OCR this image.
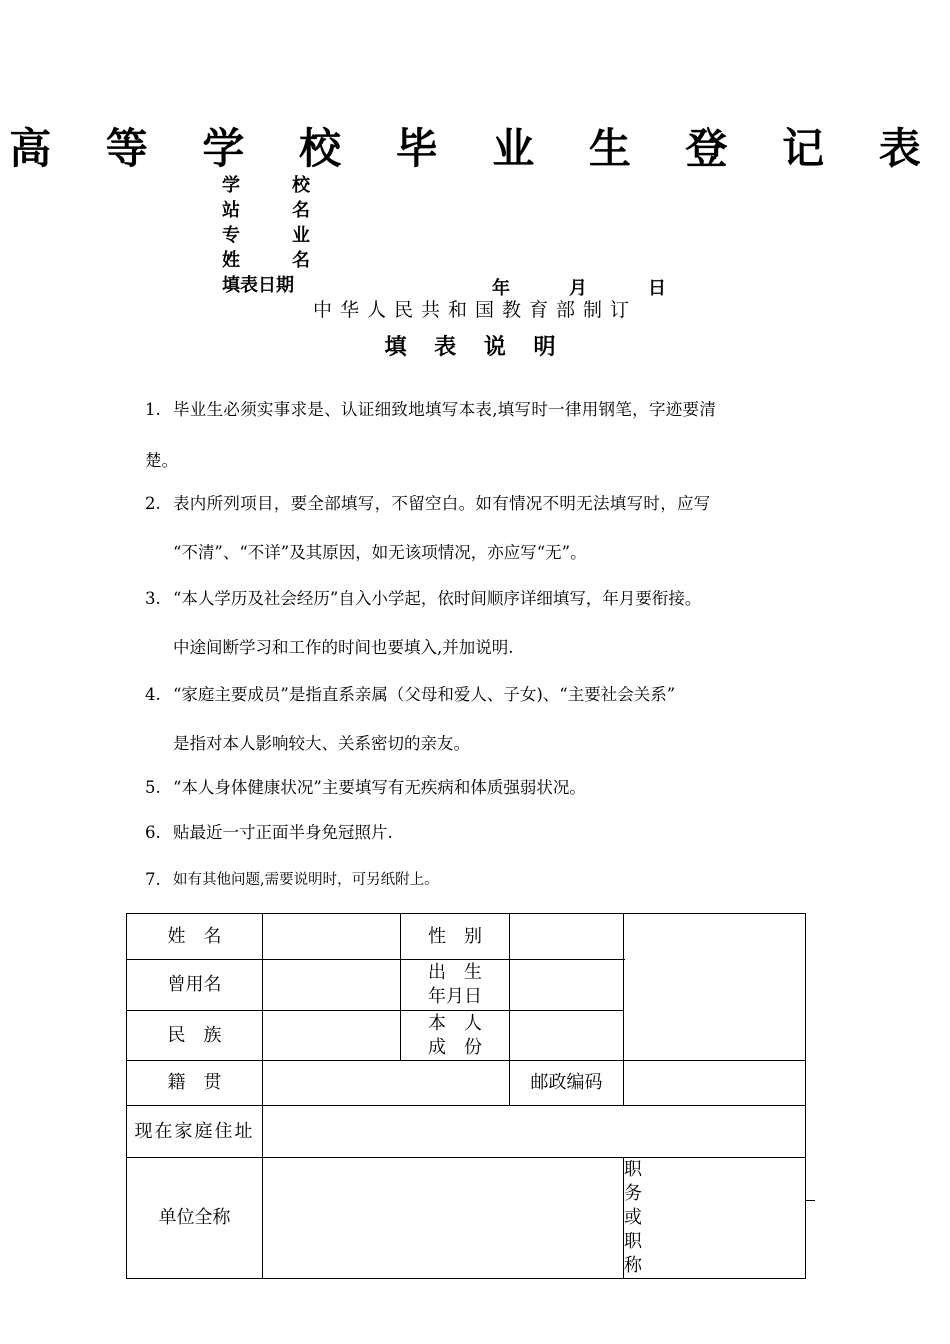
高 等 学 校 毕 业 生 登 记 表
学 校
站 名
专 业
姓 名
填表日期	年	月	日
中华人民共和国教育部制订
填 表 说 明
1. 毕业生必须实事求是、认证细致地填写本表,填写时一律用钢笔，字迹要清
楚。
2. 表内所列项目，要全部填写，不留空白。如有情况不明无法填写时，应写
“不清”、“不详”及其原因，如无该项情况，亦应写“无”。
3. “本人学历及社会经历”自入小学起，依时间顺序详细填写，年月要衔接。
中途间断学习和工作的时间也要填入,并加说明.
4. “家庭主要成员”是指直系亲属（父母和爱人、子女)、“主要社会关系”
是指对本人影响较大、关系密切的亲友。
5. “本人身体健康状况”主要填写有无疾病和体质强弱状况。
6. 贴最近一寸正面半身免冠照片.
7. 如有其他问题,需要说明时，可另纸附上。
姓　名		性　别		
曾用名		出　生
年月日		

民　族		本　人
成　份		

籍　贯			邮政编码	
现在家庭住址				
单位全称				职务或职称	
